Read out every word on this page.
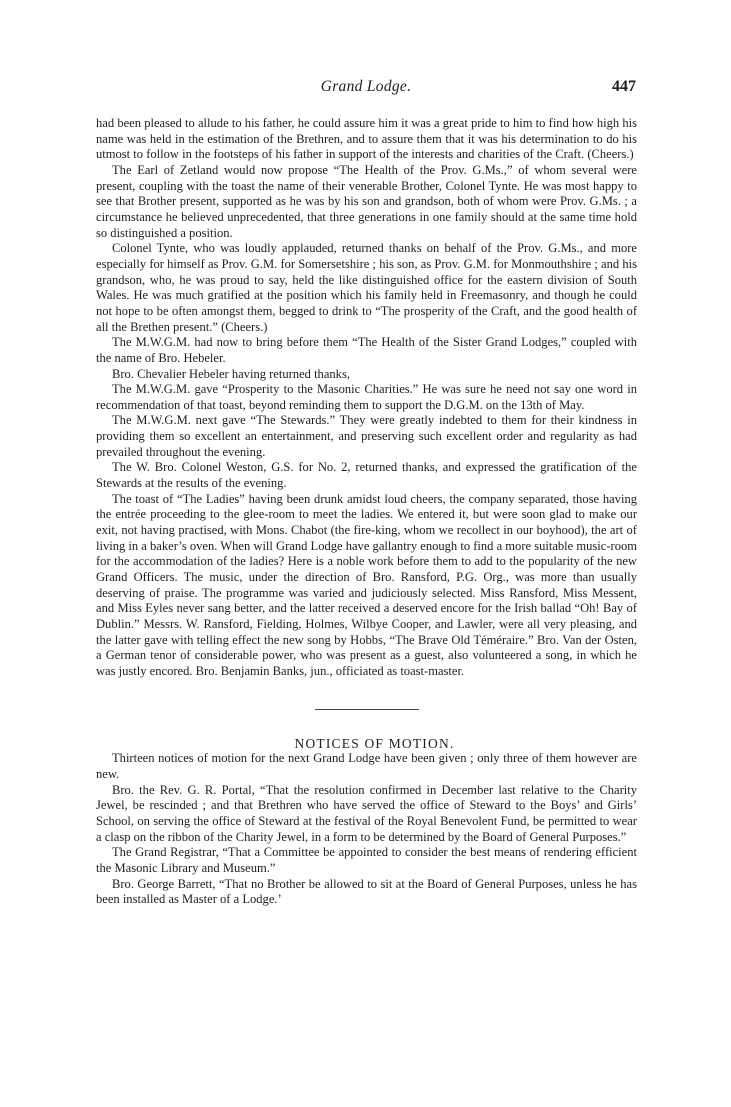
Grand Lodge.	447

had been pleased to allude to his father, he could assure him it was a great pride to him to find how high his name was held in the estimation of the Brethren, and to assure them that it was his determination to do his utmost to follow in the footsteps of his father in support of the interests and charities of the Craft. (Cheers.)

The Earl of Zetland would now propose “The Health of the Prov. G.Ms.,” of whom several were present, coupling with the toast the name of their venerable Brother, Colonel Tynte. He was most happy to see that Brother present, supported as he was by his son and grandson, both of whom were Prov. G.Ms. ; a circumstance he believed unprecedented, that three generations in one family should at the same time hold so distinguished a position.

Colonel Tynte, who was loudly applauded, returned thanks on behalf of the Prov. G.Ms., and more especially for himself as Prov. G.M. for Somersetshire ; his son, as Prov. G.M. for Monmouthshire ; and his grandson, who, he was proud to say, held the like distinguished office for the eastern division of South Wales. He was much gratified at the position which his family held in Freemasonry, and though he could not hope to be often amongst them, begged to drink to “The prosperity of the Craft, and the good health of all the Brethen present.” (Cheers.)

The M.W.G.M. had now to bring before them “The Health of the Sister Grand Lodges,” coupled with the name of Bro. Hebeler.

Bro. Chevalier Hebeler having returned thanks,

The M.W.G.M. gave “Prosperity to the Masonic Charities.” He was sure he need not say one word in recommendation of that toast, beyond reminding them to support the D.G.M. on the 13th of May.

The M.W.G.M. next gave “The Stewards.” They were greatly indebted to them for their kindness in providing them so excellent an entertainment, and preserving such excellent order and regularity as had prevailed throughout the evening.

The W. Bro. Colonel Weston, G.S. for No. 2, returned thanks, and expressed the gratification of the Stewards at the results of the evening.

The toast of “The Ladies” having been drunk amidst loud cheers, the company separated, those having the entrée proceeding to the glee-room to meet the ladies. We entered it, but were soon glad to make our exit, not having practised, with Mons. Chabot (the fire-king, whom we recollect in our boyhood), the art of living in a baker’s oven. When will Grand Lodge have gallantry enough to find a more suitable music-room for the accommodation of the ladies? Here is a noble work before them to add to the popularity of the new Grand Officers. The music, under the direction of Bro. Ransford, P.G. Org., was more than usually deserving of praise. The programme was varied and judiciously selected. Miss Ransford, Miss Messent, and Miss Eyles never sang better, and the latter received a deserved encore for the Irish ballad “Oh! Bay of Dublin.” Messrs. W. Ransford, Fielding, Holmes, Wilbye Cooper, and Lawler, were all very pleasing, and the latter gave with telling effect the new song by Hobbs, “The Brave Old Téméraire.” Bro. Van der Osten, a German tenor of considerable power, who was present as a guest, also volunteered a song, in which he was justly encored. Bro. Benjamin Banks, jun., officiated as toast-master.

NOTICES OF MOTION.

Thirteen notices of motion for the next Grand Lodge have been given ; only three of them however are new.

Bro. the Rev. G. R. Portal, “That the resolution confirmed in December last relative to the Charity Jewel, be rescinded ; and that Brethren who have served the office of Steward to the Boys’ and Girls’ School, on serving the office of Steward at the festival of the Royal Benevolent Fund, be permitted to wear a clasp on the ribbon of the Charity Jewel, in a form to be determined by the Board of General Purposes.”

The Grand Registrar, “That a Committee be appointed to consider the best means of rendering efficient the Masonic Library and Museum.”

Bro. George Barrett, “That no Brother be allowed to sit at the Board of General Purposes, unless he has been installed as Master of a Lodge.’
